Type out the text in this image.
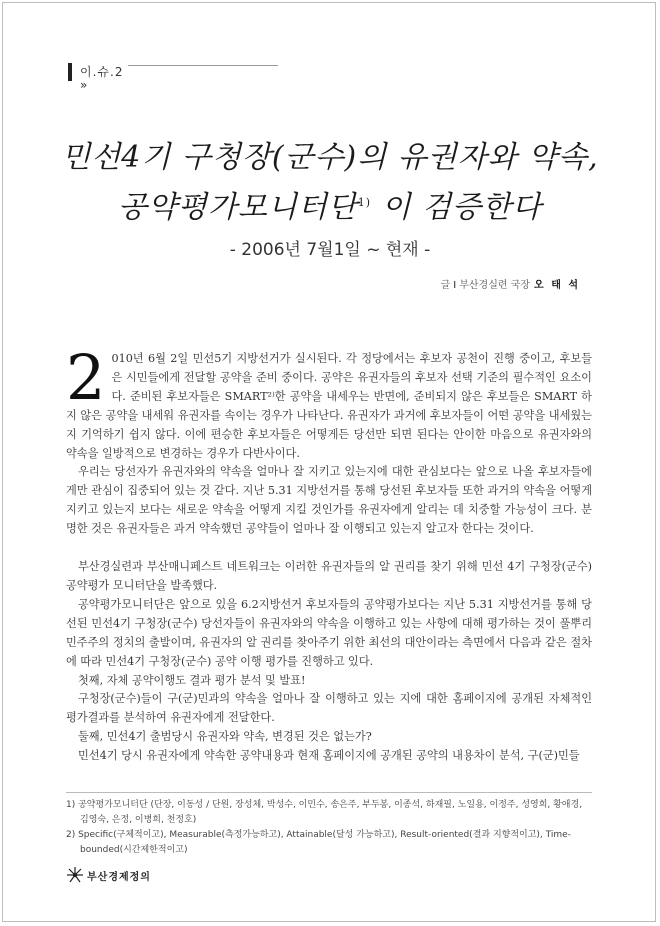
이.슈.2
»
민선4기 구청장(군수)의 유권자와 약속,
공약평가모니터단$^{1)}$ 이 검증한다
- 2006년 7월1일 ~ 현재 -
글 I 부산경실련 국장 오 태 석

2 010년 6월 2일 민선5기 지방선거가 실시된다. 각 정당에서는 후보자 공천이 진행 중이고, 후보들은 시민들에게 전달할 공약을 준비 중이다. 공약은 유권자들의 후보자 선택 기준의 필수적인 요소이다. 준비된 후보자들은 SMART²⁾한 공약을 내세우는 반면에, 준비되지 않은 후보들은 SMART 하지 않은 공약을 내세워 유권자를 속이는 경우가 나타난다. 유권자가 과거에 후보자들이 어떤 공약을 내세웠는지 기억하기 쉽지 않다. 이에 편승한 후보자들은 어떻게든 당선만 되면 된다는 안이한 마음으로 유권자와의 약속을 일방적으로 변경하는 경우가 다반사이다.

우리는 당선자가 유권자와의 약속을 얼마나 잘 지키고 있는지에 대한 관심보다는 앞으로 나올 후보자들에게만 관심이 집중되어 있는 것 같다. 지난 5.31 지방선거를 통해 당선된 후보자들 또한 과거의 약속을 어떻게 지키고 있는지 보다는 새로운 약속을 어떻게 지킬 것인가를 유권자에게 알리는 데 치중할 가능성이 크다. 분명한 것은 유권자들은 과거 약속했던 공약들이 얼마나 잘 이행되고 있는지 알고자 한다는 것이다.

부산경실련과 부산매니페스트 네트워크는 이러한 유권자들의 알 권리를 찾기 위해 민선 4기 구청장(군수) 공약평가 모니터단을 발족했다.

공약평가모니터단은 앞으로 있을 6.2지방선거 후보자들의 공약평가보다는 지난 5.31 지방선거를 통해 당선된 민선4기 구청장(군수) 당선자들이 유권자와의 약속을 이행하고 있는 사항에 대해 평가하는 것이 풀뿌리 민주주의 정치의 출발이며, 유권자의 알 권리를 찾아주기 위한 최선의 대안이라는 측면에서 다음과 같은 절차에 따라 민선4기 구청장(군수) 공약 이행 평가를 진행하고 있다.

첫째, 자체 공약이행도 결과 평가 분석 및 발표!

구청장(군수)들이 구(군)민과의 약속을 얼마나 잘 이행하고 있는 지에 대한 홈페이지에 공개된 자체적인 평가결과를 분석하여 유권자에게 전달한다.

둘째, 민선4기 출범당시 유권자와 약속, 변경된 것은 없는가?

민선4기 당시 유권자에게 약속한 공약내용과 현재 홈페이지에 공개된 공약의 내용차이 분석, 구(군)민들

1) 공약평가모니터단 (단장, 이동성 / 단원, 장성체, 박성수, 이민수, 송은주, 부두봉, 이종석, 하재필, 노일용, 이정주, 성영희, 황애경, 김영숙, 은정, 이병희, 천정호)
2) Specific(구체적이고), Measurable(측정가능하고), Attainable(달성 가능하고), Result-oriented(결과 지향적이고), Time-bounded(시간제한적이고)
부산경제정의
